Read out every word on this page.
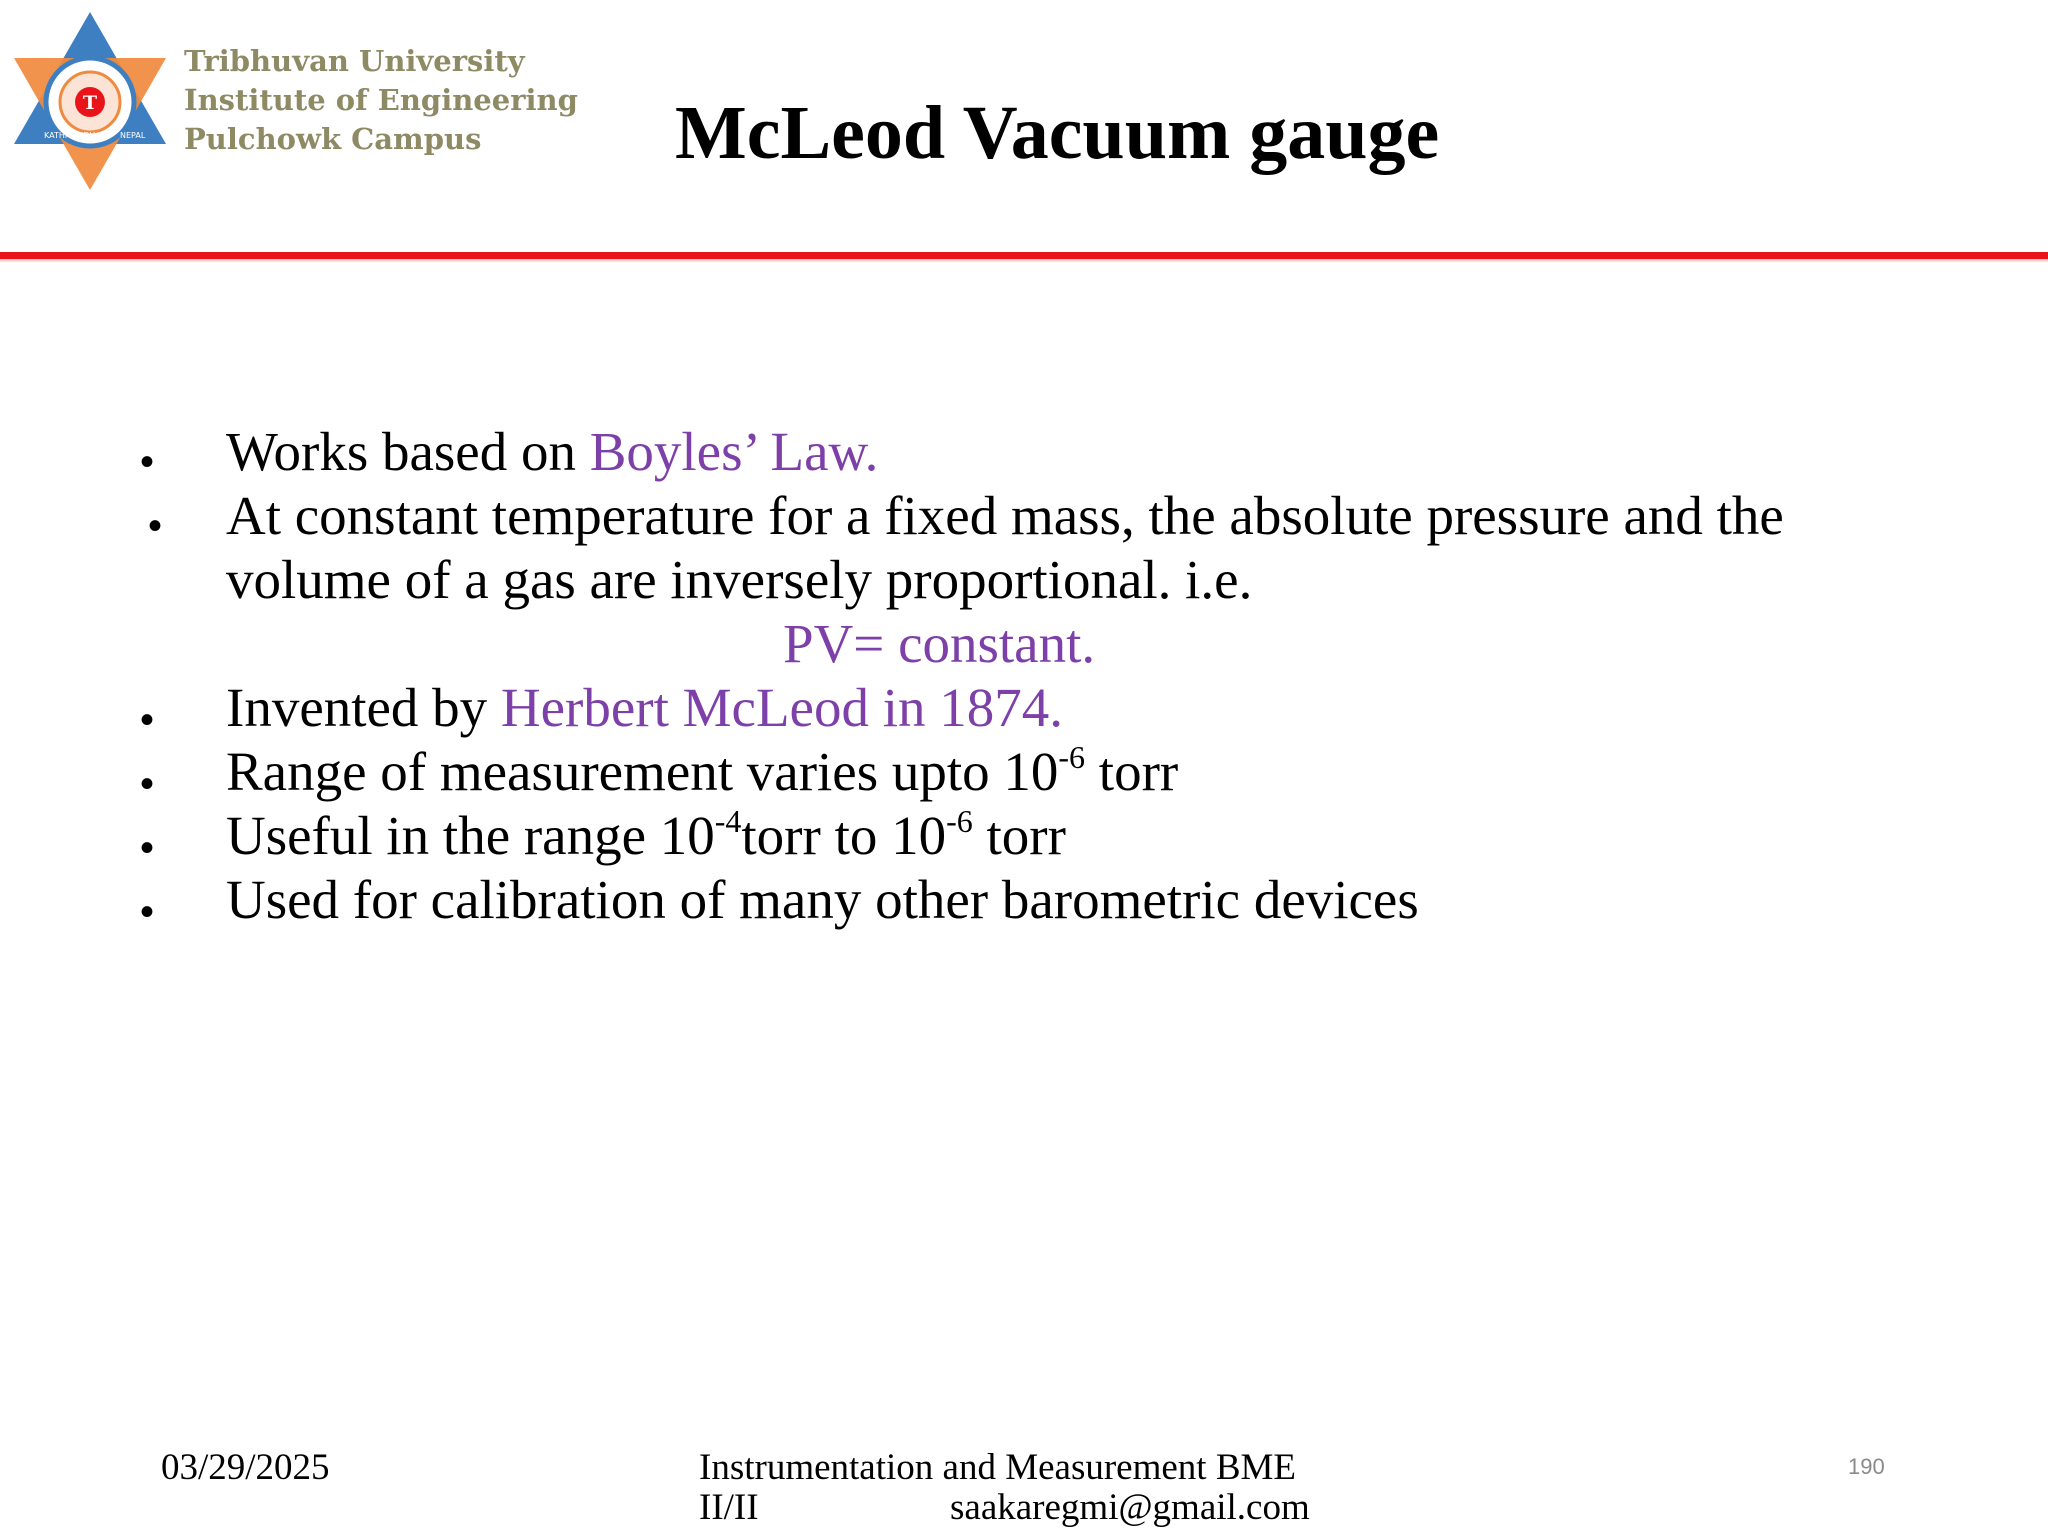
T
KATHMANDU	NEPAL
Tribhuvan University
Institute of Engineering
Pulchowk Campus	McLeod Vacuum gauge
• Works based on Boyles’ Law.
• At constant temperature for a fixed mass, the absolute pressure and the
volume of a gas are inversely proportional. i.e.
PV= constant.
• Invented by Herbert McLeod in 1874.
• Range of measurement varies upto $10^{-6}$ torr
• Useful in the range $10^{-4}torr$ to $10^{-6}$ torr
• Used for calibration of many other barometric devices
03/29/2025	Instrumentation and Measurement BME
II/II	saakaregmi@gmail.com
190
